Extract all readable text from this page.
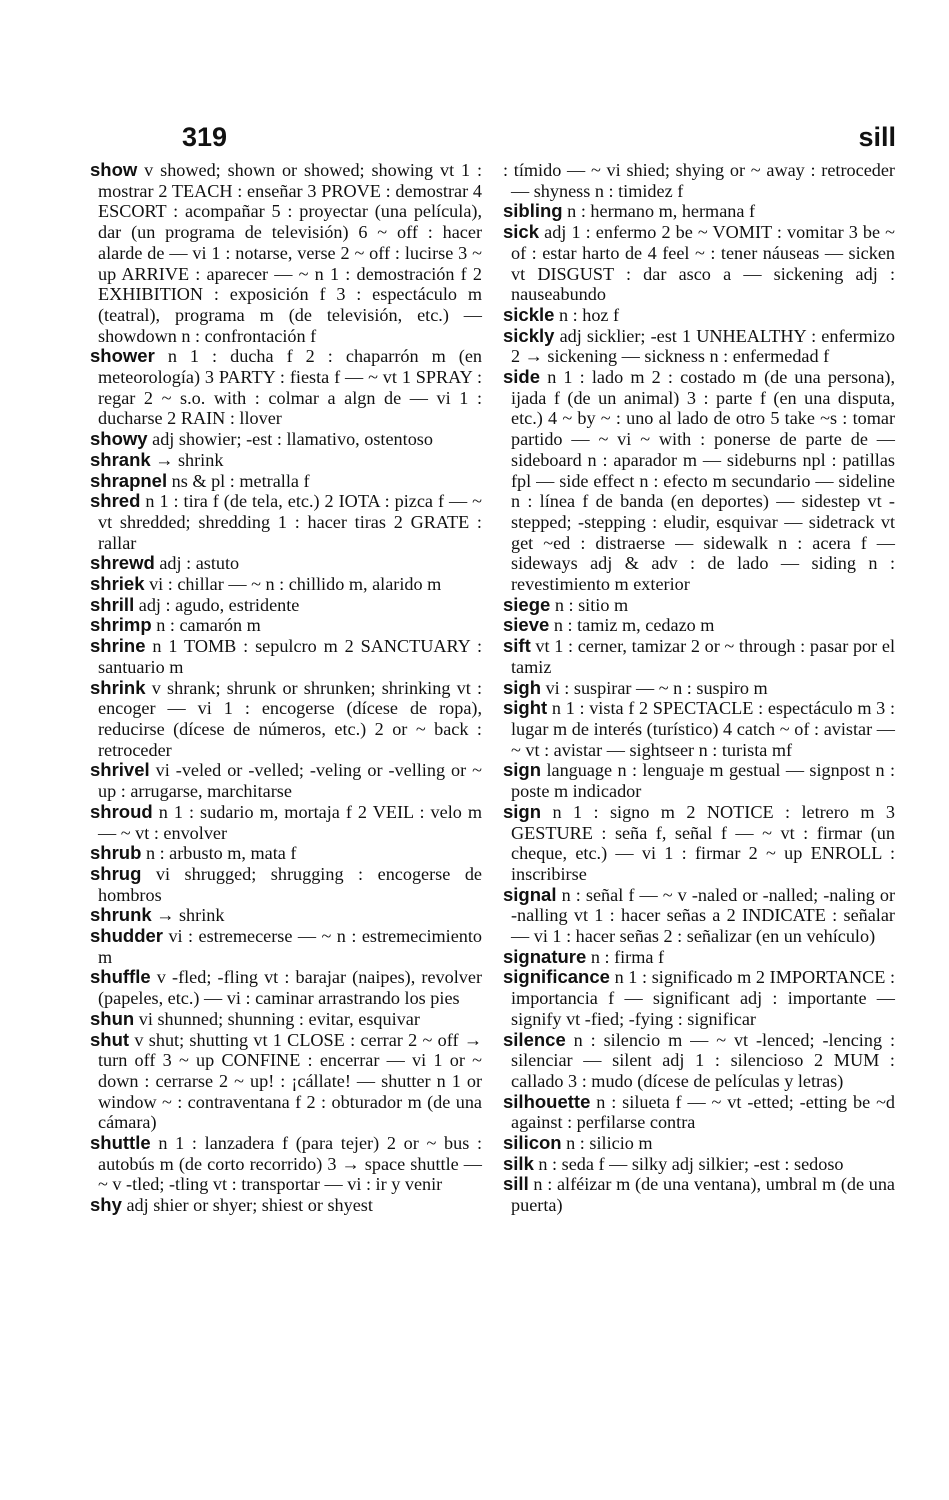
319	sill

show v showed; shown or showed; showing vt 1 : mostrar 2 TEACH : enseñar 3 PROVE : demostrar 4 ESCORT : acompañar 5 : proyectar (una película), dar (un programa de televisión) 6 ~ off : hacer alarde de — vi 1 : notarse, verse 2 ~ off : lucirse 3 ~ up ARRIVE : aparecer — ~ n 1 : demostración f 2 EXHIBITION : exposición f 3 : espectáculo m (teatral), programa m (de televisión, etc.) — showdown n : confrontación f

shower n 1 : ducha f 2 : chaparrón m (en meteorología) 3 PARTY : fiesta f — ~ vt 1 SPRAY : regar 2 ~ s.o. with : colmar a algn de — vi 1 : ducharse 2 RAIN : llover

showy adj showier; -est : llamativo, ostentoso

shrank → shrink

shrapnel ns & pl : metralla f

shred n 1 : tira f (de tela, etc.) 2 IOTA : pizca f — ~ vt shredded; shredding 1 : hacer tiras 2 GRATE : rallar

shrewd adj : astuto

shriek vi : chillar — ~ n : chillido m, alarido m

shrill adj : agudo, estridente

shrimp n : camarón m

shrine n 1 TOMB : sepulcro m 2 SANCTUARY : santuario m

shrink v shrank; shrunk or shrunken; shrinking vt : encoger — vi 1 : encogerse (dícese de ropa), reducirse (dícese de números, etc.) 2 or ~ back : retroceder

shrivel vi -veled or -velled; -veling or -velling or ~ up : arrugarse, marchitarse

shroud n 1 : sudario m, mortaja f 2 VEIL : velo m — ~ vt : envolver

shrub n : arbusto m, mata f

shrug vi shrugged; shrugging : encogerse de hombros

shrunk → shrink

shudder vi : estremecerse — ~ n : estremecimiento m

shuffle v -fled; -fling vt : barajar (naipes), revolver (papeles, etc.) — vi : caminar arrastrando los pies

shun vi shunned; shunning : evitar, esquivar

shut v shut; shutting vt 1 CLOSE : cerrar 2 ~ off → turn off 3 ~ up CONFINE : encerrar — vi 1 or ~ down : cerrarse 2 ~ up! : ¡cállate! — shutter n 1 or window ~ : contraventana f 2 : obturador m (de una cámara)

shuttle n 1 : lanzadera f (para tejer) 2 or ~ bus : autobús m (de corto recorrido) 3 → space shuttle — ~ v -tled; -tling vt : transportar — vi : ir y venir

shy adj shier or shyer; shiest or shyest

: tímido — ~ vi shied; shying or ~ away : retroceder — shyness n : timidez f

sibling n : hermano m, hermana f

sick adj 1 : enfermo 2 be ~ VOMIT : vomitar 3 be ~ of : estar harto de 4 feel ~ : tener náuseas — sicken vt DISGUST : dar asco a — sickening adj : nauseabundo

sickle n : hoz f

sickly adj sicklier; -est 1 UNHEALTHY : enfermizo 2 → sickening — sickness n : enfermedad f

side n 1 : lado m 2 : costado m (de una persona), ijada f (de un animal) 3 : parte f (en una disputa, etc.) 4 ~ by ~ : uno al lado de otro 5 take ~s : tomar partido — ~ vi ~ with : ponerse de parte de — sideboard n : aparador m — sideburns npl : patillas fpl — side effect n : efecto m secundario — sideline n : línea f de banda (en deportes) — sidestep vt -stepped; -stepping : eludir, esquivar — sidetrack vt get ~ed : distraerse — sidewalk n : acera f — sideways adj & adv : de lado — siding n : revestimiento m exterior

siege n : sitio m

sieve n : tamiz m, cedazo m

sift vt 1 : cerner, tamizar 2 or ~ through : pasar por el tamiz

sigh vi : suspirar — ~ n : suspiro m

sight n 1 : vista f 2 SPECTACLE : espectáculo m 3 : lugar m de interés (turístico) 4 catch ~ of : avistar — ~ vt : avistar — sightseer n : turista mf

sign language n : lenguaje m gestual — signpost n : poste m indicador

sign n 1 : signo m 2 NOTICE : letrero m 3 GESTURE : seña f, señal f — ~ vt : firmar (un cheque, etc.) — vi 1 : firmar 2 ~ up ENROLL : inscribirse

signal n : señal f — ~ v -naled or -nalled; -naling or -nalling vt 1 : hacer señas a 2 INDICATE : señalar — vi 1 : hacer señas 2 : señalizar (en un vehículo)

signature n : firma f

significance n 1 : significado m 2 IMPORTANCE : importancia f — significant adj : importante — signify vt -fied; -fying : significar

silence n : silencio m — ~ vt -lenced; -lencing : silenciar — silent adj 1 : silencioso 2 MUM : callado 3 : mudo (dícese de películas y letras)

silhouette n : silueta f — ~ vt -etted; -etting be ~d against : perfilarse contra

silicon n : silicio m

silk n : seda f — silky adj silkier; -est : sedoso

sill n : alféizar m (de una ventana), umbral m (de una puerta)
